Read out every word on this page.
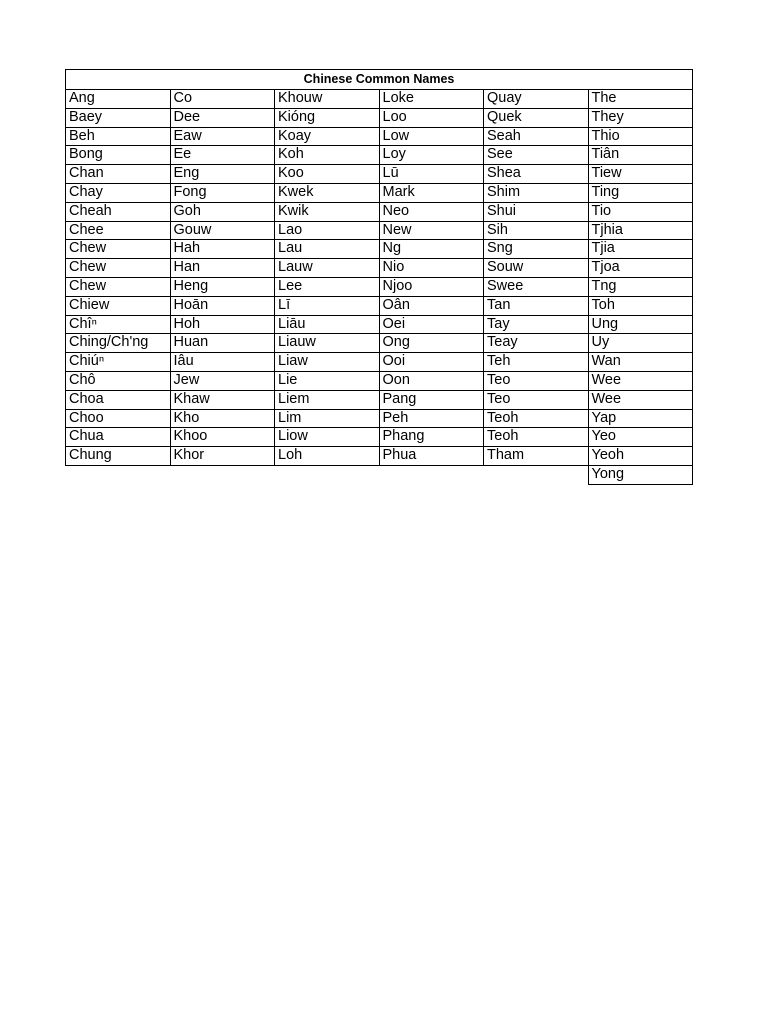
Chinese Common Names					
Ang	Co	Khouw	Loke	Quay	The
Baey	Dee	Kióng	Loo	Quek	They
Beh	Eaw	Koay	Low	Seah	Thio
Bong	Ee	Koh	Loy	See	Tiân
Chan	Eng	Koo	Lū	Shea	Tiew
Chay	Fong	Kwek	Mark	Shim	Ting
Cheah	Goh	Kwik	Neo	Shui	Tio
Chee	Gouw	Lao	New	Sih	Tjhia
Chew	Hah	Lau	Ng	Sng	Tjia
Chew	Han	Lauw	Nio	Souw	Tjoa
Chew	Heng	Lee	Njoo	Swee	Tng
Chiew	Hoān	Lī	Oân	Tan	Toh
Chîⁿ	Hoh	Liāu	Oei	Tay	Ung
Ching/Ch'ng	Huan	Liauw	Ong	Teay	Uy
Chiúⁿ	Iâu	Liaw	Ooi	Teh	Wan
Chô	Jew	Lie	Oon	Teo	Wee
Choa	Khaw	Liem	Pang	Teo	Wee
Choo	Kho	Lim	Peh	Teoh	Yap
Chua	Khoo	Liow	Phang	Teoh	Yeo
Chung	Khor	Loh	Phua	Tham	Yeoh
					Yong
